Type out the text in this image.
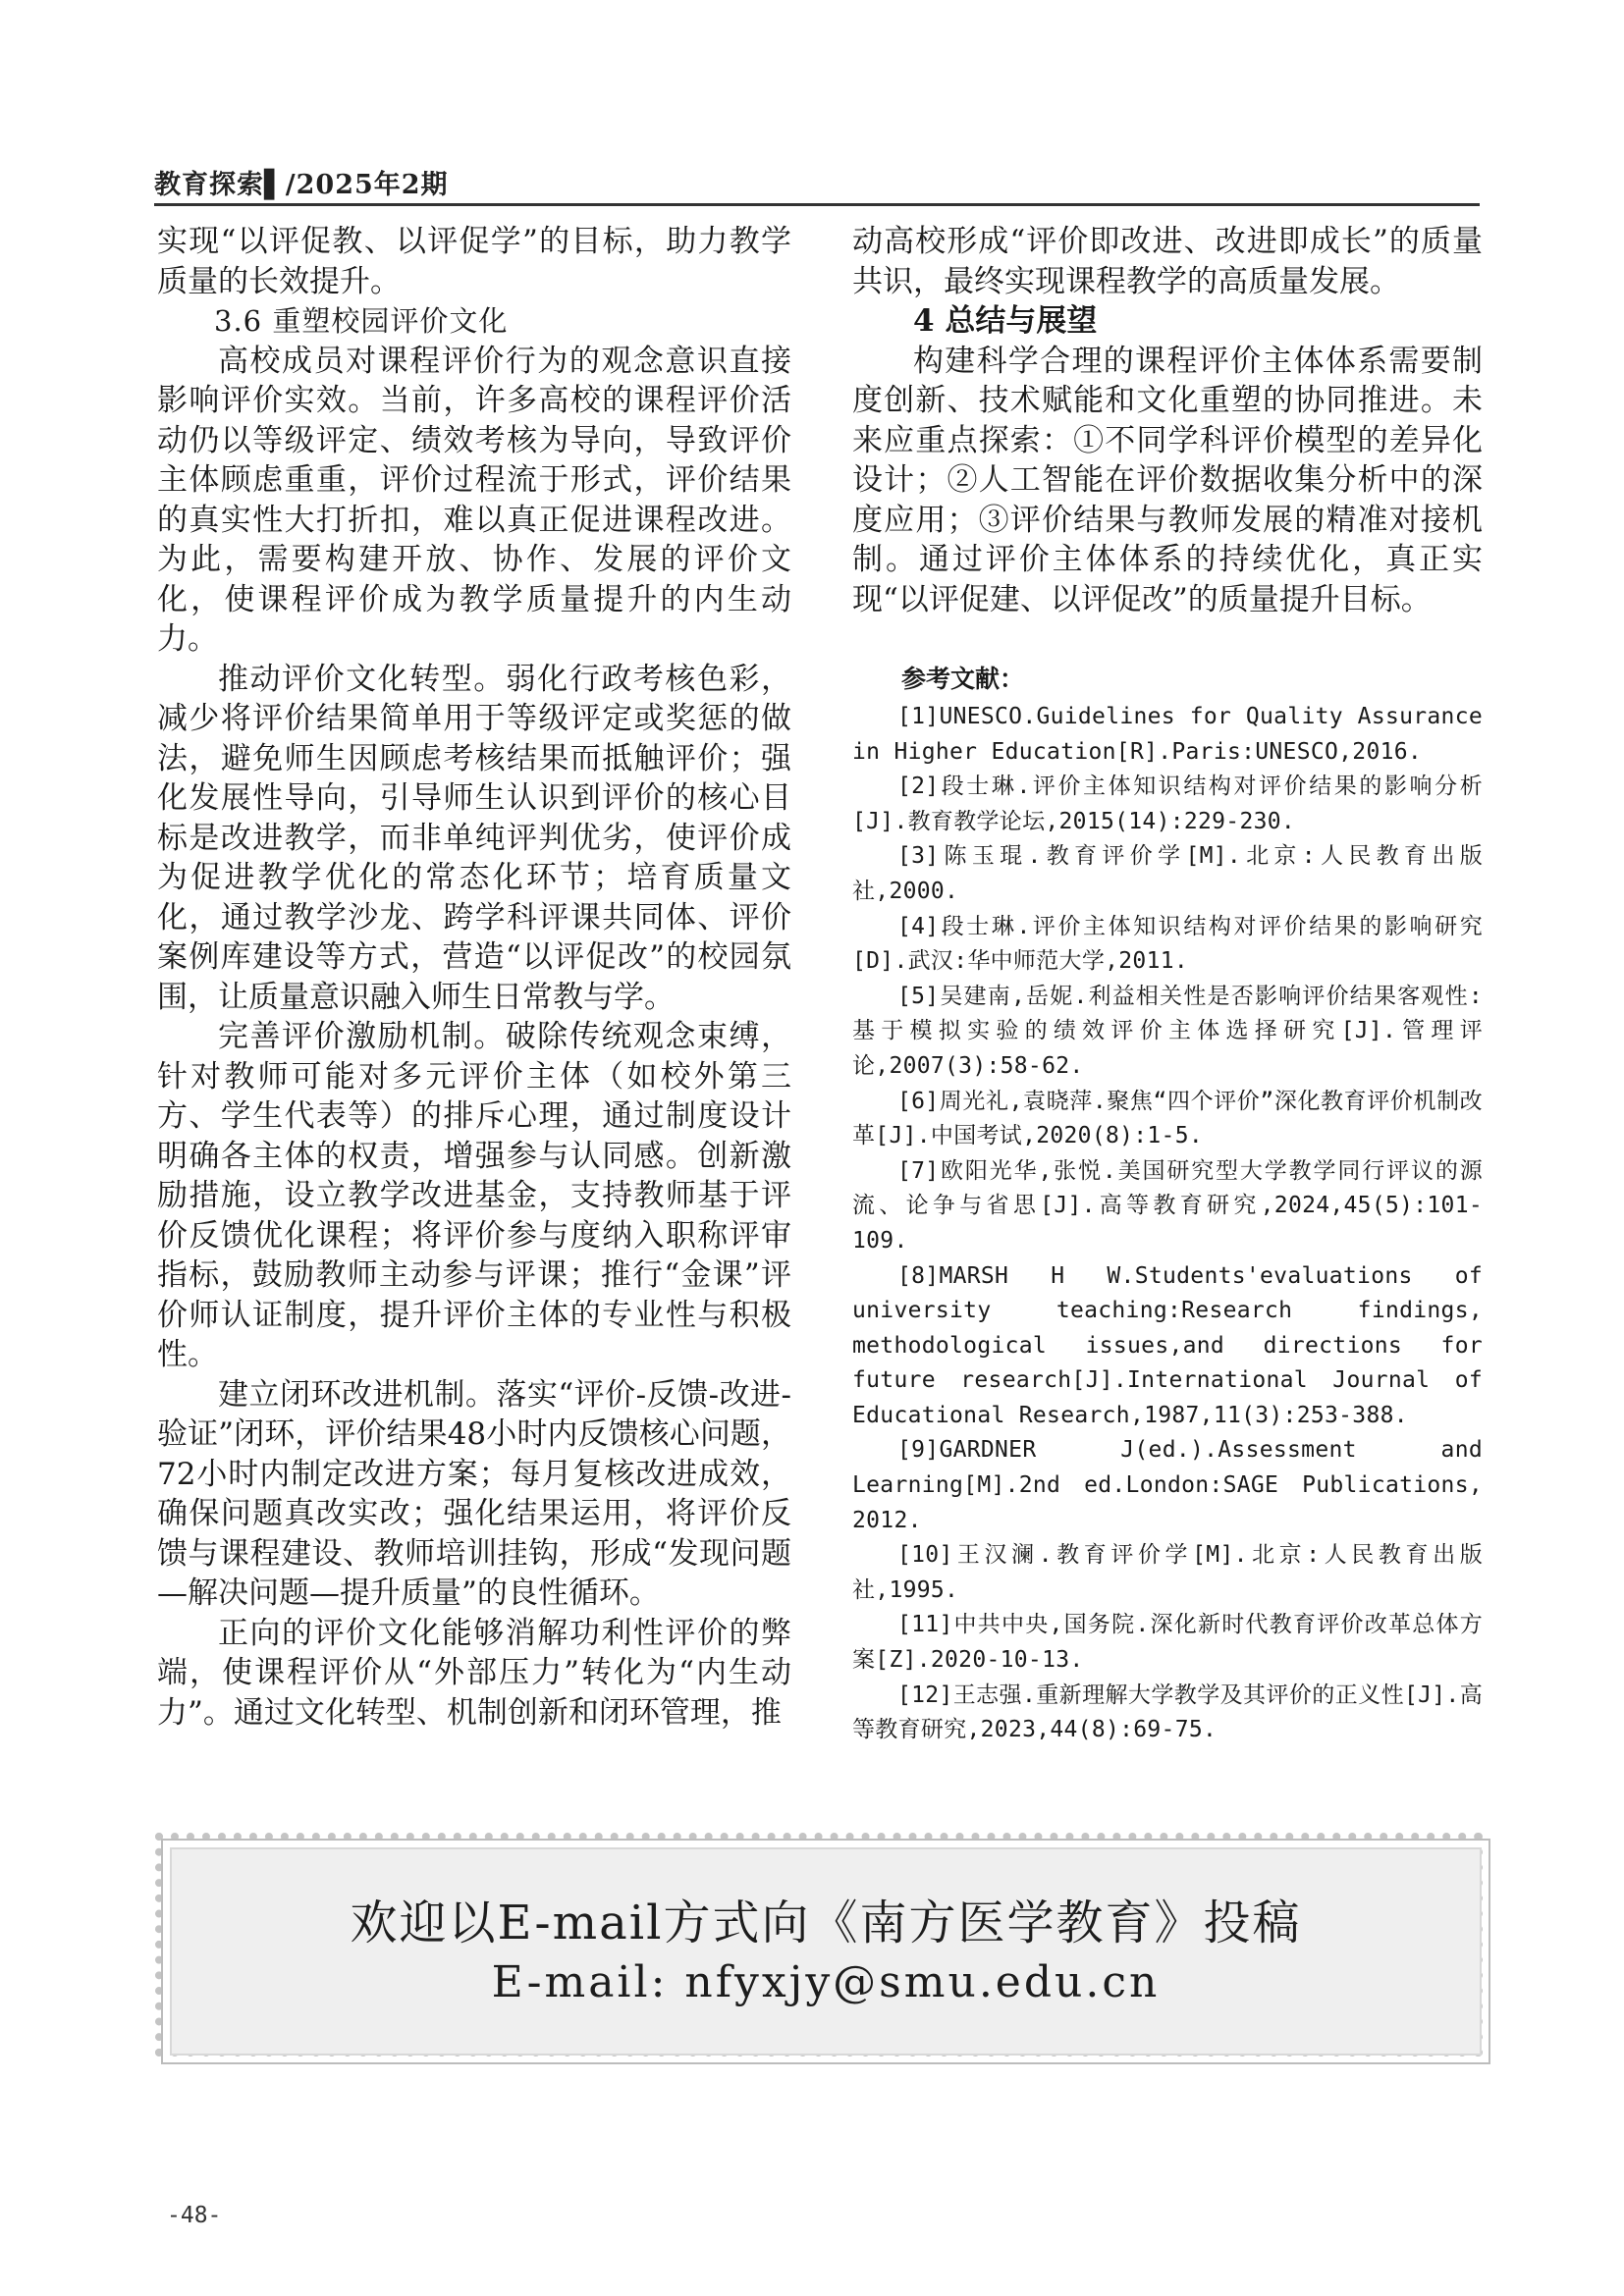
教育探索▌/2025年2期

实现“以评促教、以评促学”的目标，助力教学质量的长效提升。

3.6 重塑校园评价文化

高校成员对课程评价行为的观念意识直接影响评价实效。当前，许多高校的课程评价活动仍以等级评定、绩效考核为导向，导致评价主体顾虑重重，评价过程流于形式，评价结果的真实性大打折扣，难以真正促进课程改进。为此，需要构建开放、协作、发展的评价文化，使课程评价成为教学质量提升的内生动力。

推动评价文化转型。弱化行政考核色彩，减少将评价结果简单用于等级评定或奖惩的做法，避免师生因顾虑考核结果而抵触评价；强化发展性导向，引导师生认识到评价的核心目标是改进教学，而非单纯评判优劣，使评价成为促进教学优化的常态化环节；培育质量文化，通过教学沙龙、跨学科评课共同体、评价案例库建设等方式，营造“以评促改”的校园氛围，让质量意识融入师生日常教与学。

完善评价激励机制。破除传统观念束缚，针对教师可能对多元评价主体（如校外第三方、学生代表等）的排斥心理，通过制度设计明确各主体的权责，增强参与认同感。创新激励措施，设立教学改进基金，支持教师基于评价反馈优化课程；将评价参与度纳入职称评审指标，鼓励教师主动参与评课；推行“金课”评价师认证制度，提升评价主体的专业性与积极性。

建立闭环改进机制。落实“评价-反馈-改进-验证”闭环，评价结果48小时内反馈核心问题，72小时内制定改进方案；每月复核改进成效，确保问题真改实改；强化结果运用，将评价反馈与课程建设、教师培训挂钩，形成“发现问题—解决问题—提升质量”的良性循环。

正向的评价文化能够消解功利性评价的弊端，使课程评价从“外部压力”转化为“内生动力”。通过文化转型、机制创新和闭环管理，推

动高校形成“评价即改进、改进即成长”的质量共识，最终实现课程教学的高质量发展。

4 总结与展望

构建科学合理的课程评价主体体系需要制度创新、技术赋能和文化重塑的协同推进。未来应重点探索：①不同学科评价模型的差异化设计；②人工智能在评价数据收集分析中的深度应用；③评价结果与教师发展的精准对接机制。通过评价主体体系的持续优化，真正实现“以评促建、以评促改”的质量提升目标。

参考文献：

[1]UNESCO.Guidelines for Quality Assurance in Higher Education[R].Paris:UNESCO,2016.

[2]段士琳.评价主体知识结构对评价结果的影响分析[J].教育教学论坛,2015(14):229-230.

[3]陈玉琨.教育评价学[M].北京:人民教育出版社,2000.

[4]段士琳.评价主体知识结构对评价结果的影响研究[D].武汉:华中师范大学,2011.

[5]吴建南,岳妮.利益相关性是否影响评价结果客观性:基于模拟实验的绩效评价主体选择研究[J].管理评论,2007(3):58-62.

[6]周光礼,袁晓萍.聚焦“四个评价”深化教育评价机制改革[J].中国考试,2020(8):1-5.

[7]欧阳光华,张悦.美国研究型大学教学同行评议的源流、论争与省思[J].高等教育研究,2024,45(5):101-109.

[8]MARSH H W.Students'evaluations of university teaching:Research findings, methodological issues,and directions for future research[J].International Journal of Educational Research,1987,11(3):253-388.

[9]GARDNER J(ed.).Assessment and Learning[M].2nd ed.London:SAGE Publications, 2012.

[10]王汉澜.教育评价学[M].北京:人民教育出版社,1995.

[11]中共中央,国务院.深化新时代教育评价改革总体方案[Z].2020-10-13.

[12]王志强.重新理解大学教学及其评价的正义性[J].高等教育研究,2023,44(8):69-75.

欢迎以E-mail方式向《南方医学教育》投稿
E-mail: nfyxjy@smu.edu.cn
-48-
